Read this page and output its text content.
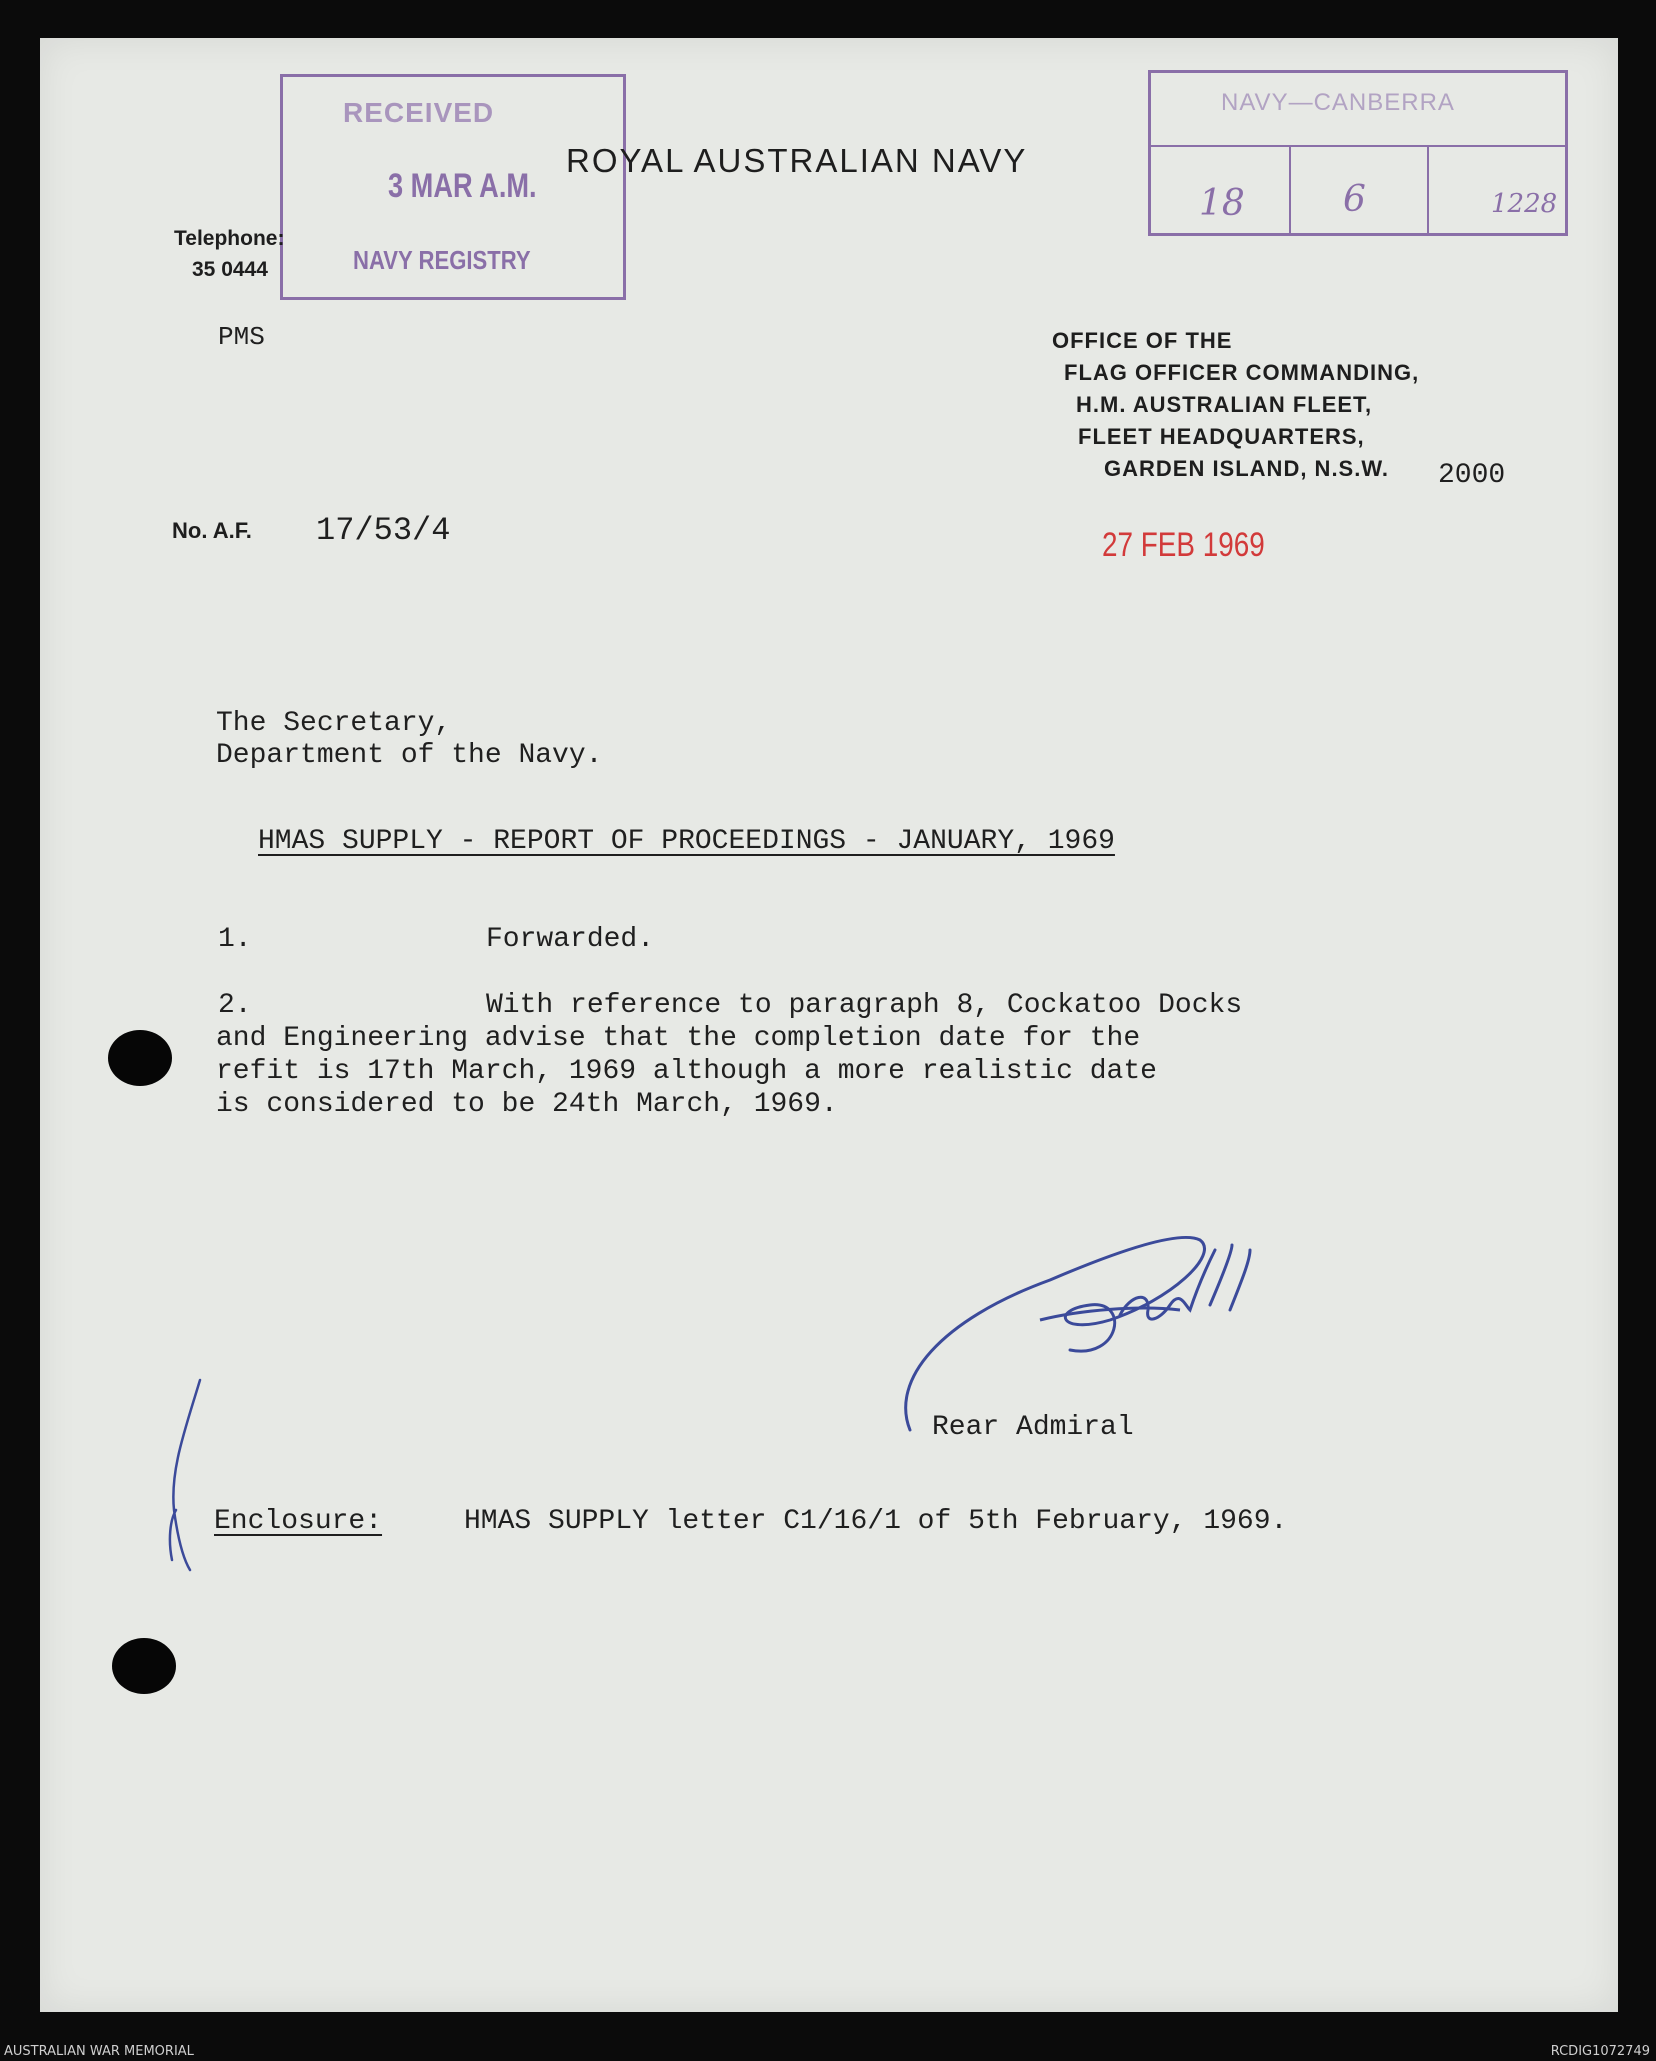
RECEIVED
3 MAR A.M.
NAVY REGISTRY
NAVY—CANBERRA
18	6	1228
ROYAL AUSTRALIAN NAVY
Telephone:
35 0444
PMS	OFFICE OF THE
FLAG OFFICER COMMANDING,
H.M. AUSTRALIAN FLEET,
FLEET HEADQUARTERS,
GARDEN ISLAND, N.S.W. 2000
No. A.F. 17/53/4	27 FEB 1969
The Secretary,
Department of the Navy.
HMAS SUPPLY - REPORT OF PROCEEDINGS - JANUARY, 1969
1.	Forwarded.
2.	With reference to paragraph 8, Cockatoo Docks
and Engineering advise that the completion date for the
refit is 17th March, 1969 although a more realistic date
is considered to be 24th March, 1969.
Rear Admiral
Enclosure:	HMAS SUPPLY letter C1/16/1 of 5th February, 1969.
AUSTRALIAN WAR MEMORIAL	RCDIG1072749
